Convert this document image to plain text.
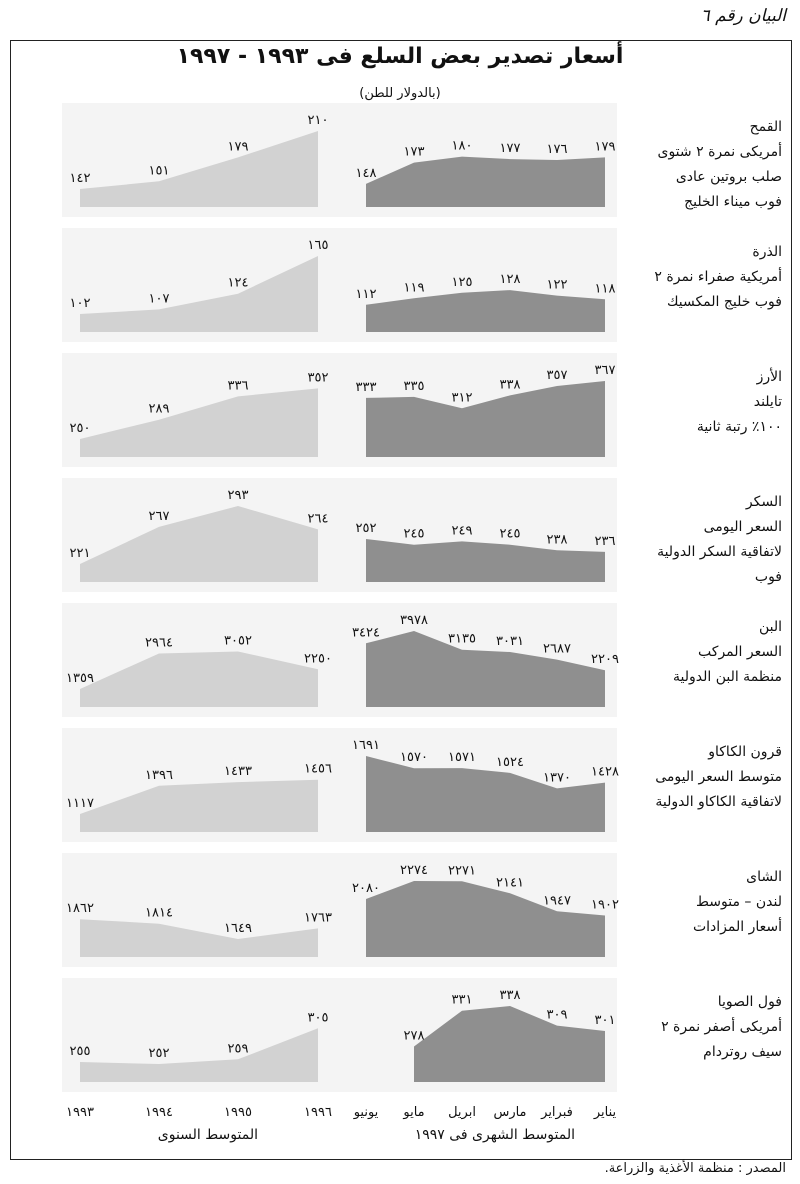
البيان رقم ٦
أسعار تصدير بعض السلع فى ١٩٩٣ - ١٩٩٧
(بالدولار للطن)
١٤٢
١٥١
١٧٩
٢١٠
١٧٩
١٧٦
١٧٧
١٨٠
١٧٣
١٤٨
القمح
أمريكى نمرة ٢ شتوى
صلب بروتين عادى
فوب ميناء الخليج
١٠٢	١٠٧
١٢٤
١٦٥
١١٨
١٢٢
١٢٨
١٢٥
١١٩
١١٢
الذرة
أمريكية صفراء نمرة ٢
فوب خليج المكسيك
٢٥٠
٢٨٩
٣٣٦
٣٥٢	٣٦٧
٣٥٧
٣٣٨
٣١٢
٣٣٥
٣٣٣
الأرز
تايلند
١٠٠٪ رتبة ثانية
٢٢١
٢٦٧
٢٩٣
٢٦٤
٢٣٦
٢٣٨
٢٤٥
٢٤٩
٢٤٥
٢٥٢
السكر
السعر اليومى
لاتفاقية السكر الدولية
فوب
١٣٥٩
٢٩٦٤	٣٠٥٢
٢٢٥٠	٢٢٠٩
٢٦٨٧
٣٠٣١
٣١٣٥
٣٩٧٨
٣٤٢٤	البن
السعر المركب
منظمة البن الدولية
١١١٧
١٣٩٦	١٤٣٣	١٤٥٦	١٤٢٨
١٣٧٠
١٥٢٤
١٥٧١
١٥٧٠
١٦٩١	قرون الكاكاو
متوسط السعر اليومى
لاتفاقية الكاكاو الدولية
١٨٦٢	١٨١٤
١٦٤٩
١٧٦٣
١٩٠٢
١٩٤٧
٢١٤١
٢٢٧١
٢٢٧٤
٢٠٨٠
الشاى
لندن – متوسط
أسعار المزادات
٢٥٥	٢٥٢	٢٥٩
٣٠٥	٣٠١
٣٠٩
٣٣٨
٣٣١
٢٧٨
فول الصويا
أمريكى أصفر نمرة ٢
سيف روتردام
١٩٩٣	١٩٩٤	١٩٩٥	١٩٩٦	يناير
فبراير
مارس
ابريل
مايو
يونيو
المتوسط السنوى	المتوسط الشهرى فى ١٩٩٧
المصدر : منظمة الأغذية والزراعة.
